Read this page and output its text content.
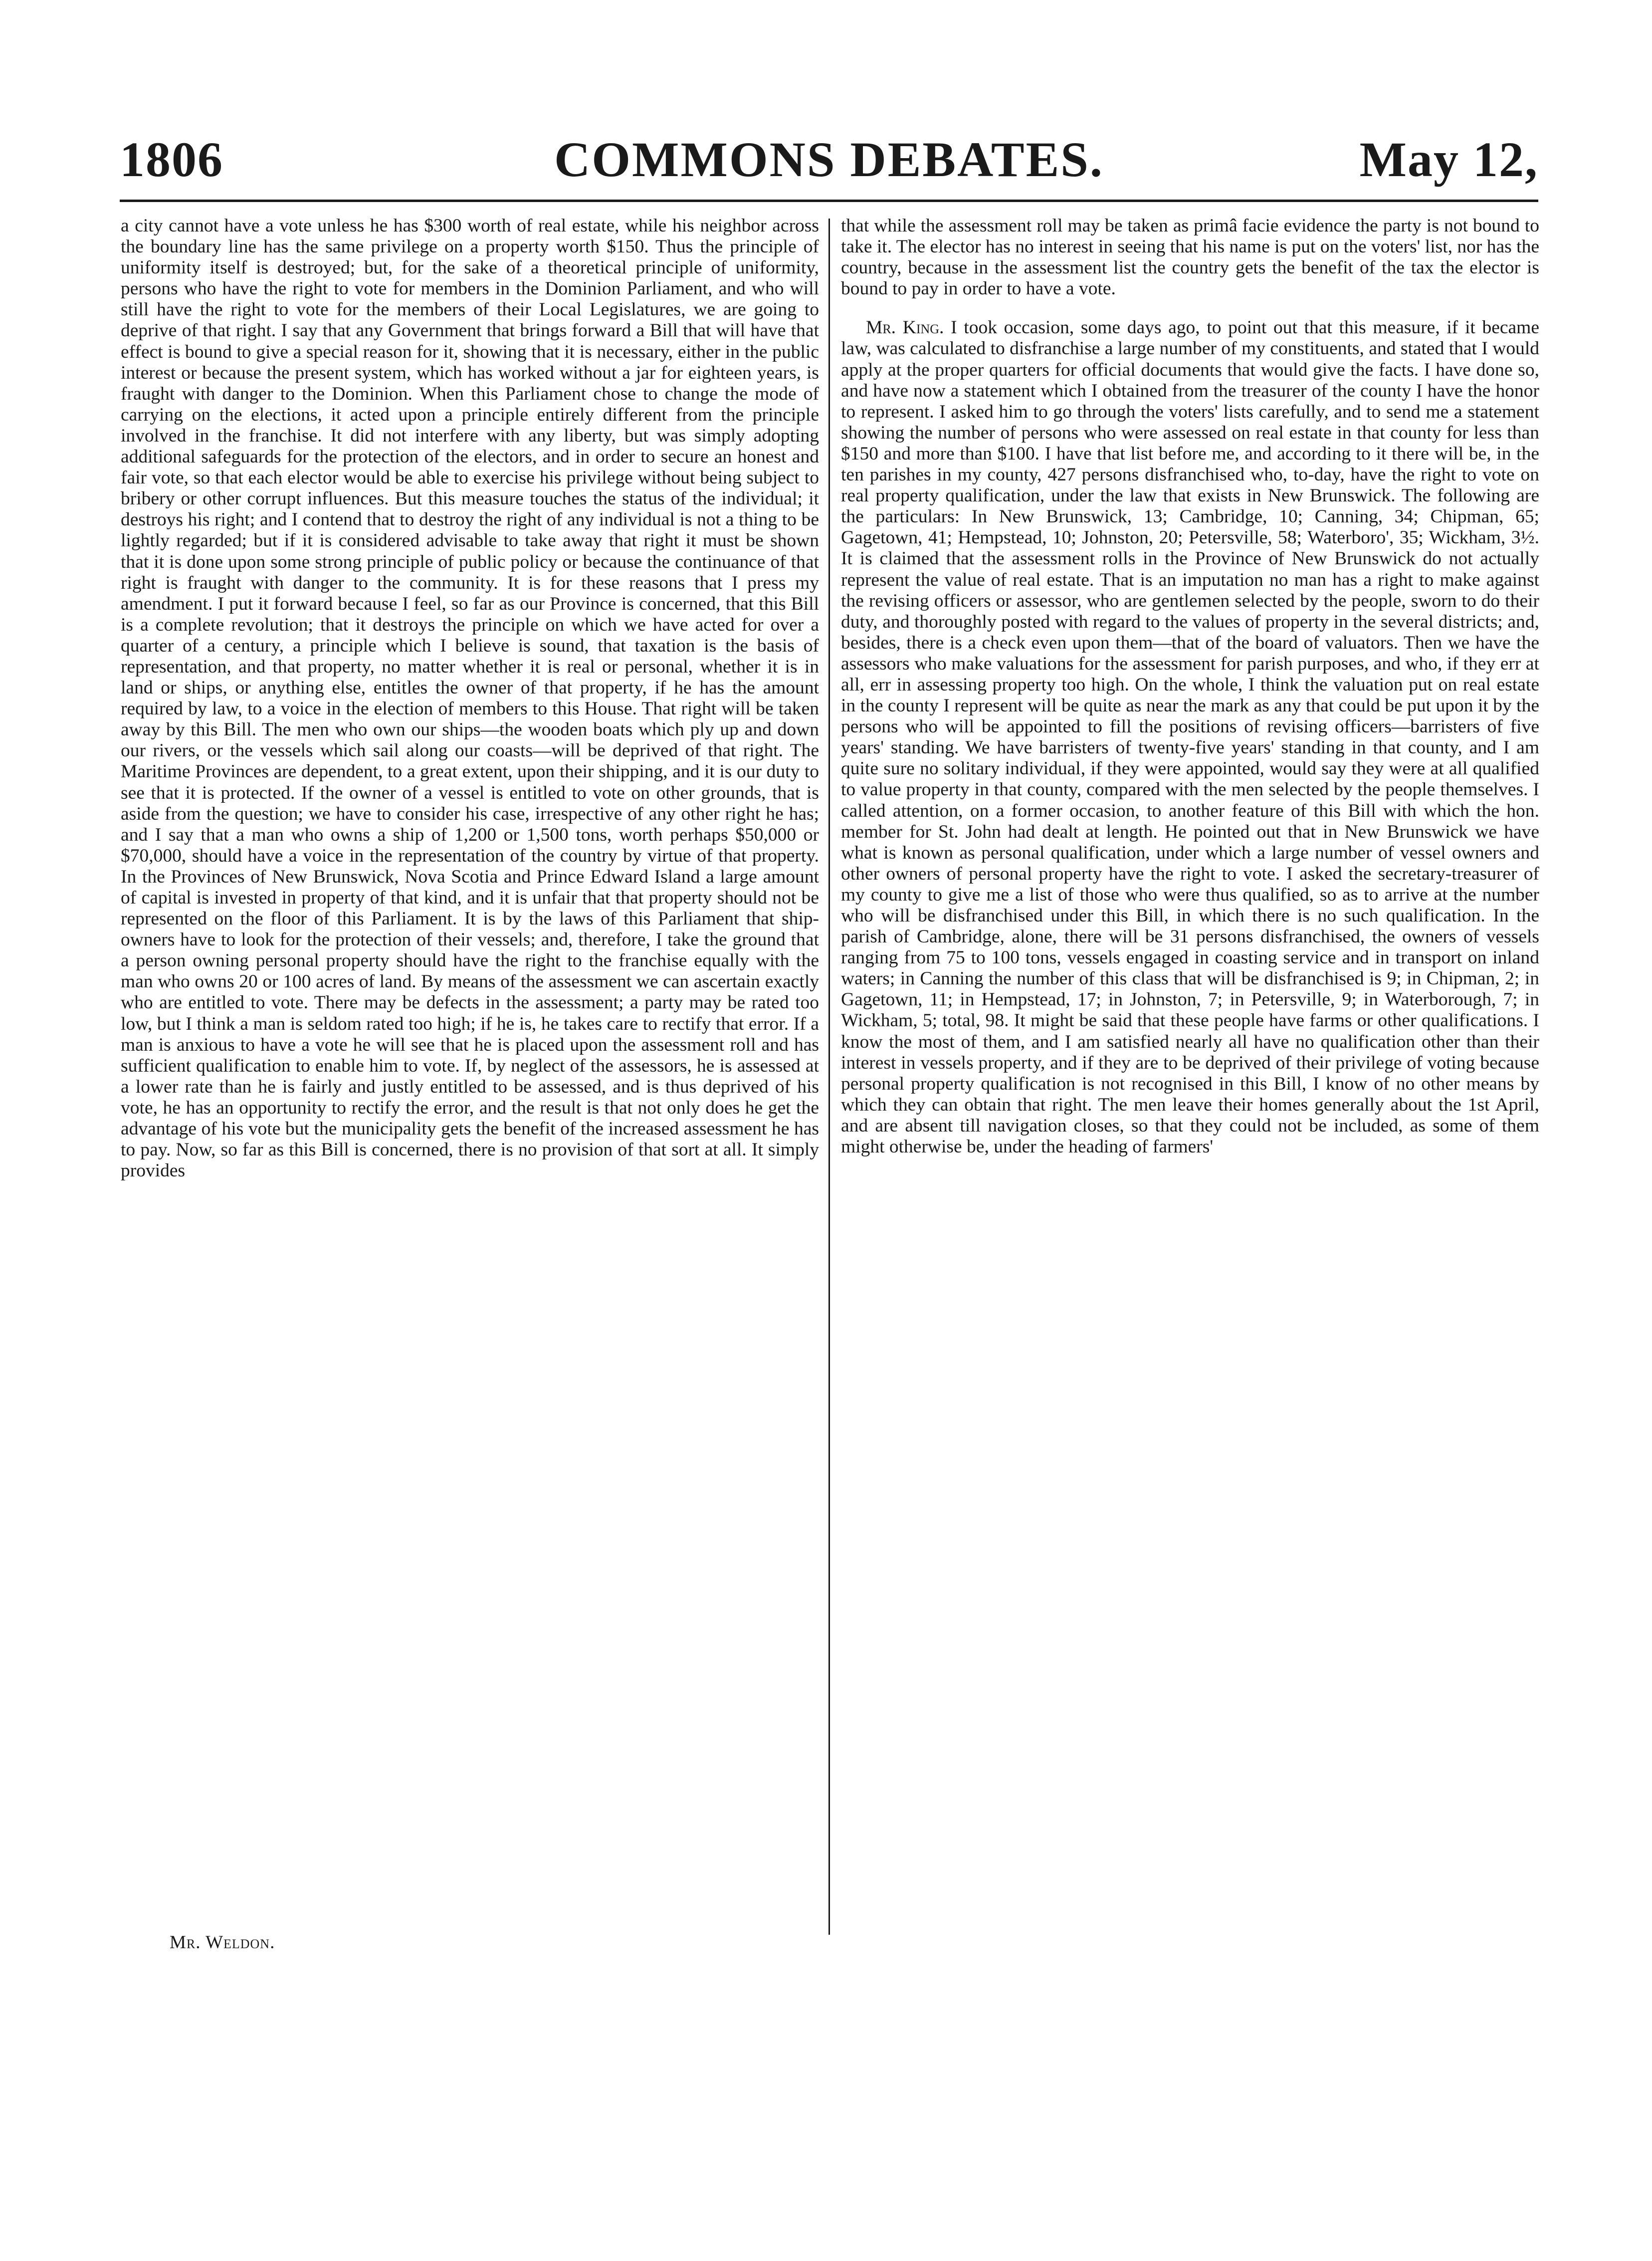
1806	COMMONS DEBATES.	May 12,

a city cannot have a vote unless he has $300 worth of real estate, while his neighbor across the boundary line has the same privilege on a property worth $150. Thus the principle of uniformity itself is destroyed; but, for the sake of a theoretical principle of uniformity, persons who have the right to vote for members in the Dominion Parliament, and who will still have the right to vote for the members of their Local Legislatures, we are going to deprive of that right. I say that any Government that brings forward a Bill that will have that effect is bound to give a special reason for it, showing that it is necessary, either in the public interest or because the present system, which has worked without a jar for eighteen years, is fraught with danger to the Dominion. When this Parliament chose to change the mode of carrying on the elections, it acted upon a principle entirely different from the principle involved in the franchise. It did not interfere with any liberty, but was simply adopting additional safeguards for the protection of the electors, and in order to secure an honest and fair vote, so that each elector would be able to exercise his privilege without being subject to bribery or other corrupt influences. But this measure touches the status of the individual; it destroys his right; and I contend that to destroy the right of any individual is not a thing to be lightly regarded; but if it is considered advisable to take away that right it must be shown that it is done upon some strong principle of public policy or because the continuance of that right is fraught with danger to the community. It is for these reasons that I press my amendment. I put it forward because I feel, so far as our Province is concerned, that this Bill is a complete revolution; that it destroys the principle on which we have acted for over a quarter of a century, a principle which I believe is sound, that taxation is the basis of representation, and that property, no matter whether it is real or personal, whether it is in land or ships, or anything else, entitles the owner of that property, if he has the amount required by law, to a voice in the election of members to this House. That right will be taken away by this Bill. The men who own our ships—the wooden boats which ply up and down our rivers, or the vessels which sail along our coasts—will be deprived of that right. The Maritime Provinces are dependent, to a great extent, upon their shipping, and it is our duty to see that it is protected. If the owner of a vessel is entitled to vote on other grounds, that is aside from the question; we have to consider his case, irrespective of any other right he has; and I say that a man who owns a ship of 1,200 or 1,500 tons, worth perhaps $50,000 or $70,000, should have a voice in the representation of the country by virtue of that property. In the Provinces of New Brunswick, Nova Scotia and Prince Edward Island a large amount of capital is invested in property of that kind, and it is unfair that that property should not be represented on the floor of this Parliament. It is by the laws of this Parliament that ship-owners have to look for the protection of their vessels; and, therefore, I take the ground that a person owning personal property should have the right to the franchise equally with the man who owns 20 or 100 acres of land. By means of the assessment we can ascertain exactly who are entitled to vote. There may be defects in the assessment; a party may be rated too low, but I think a man is seldom rated too high; if he is, he takes care to rectify that error. If a man is anxious to have a vote he will see that he is placed upon the assessment roll and has sufficient qualification to enable him to vote. If, by neglect of the assessors, he is assessed at a lower rate than he is fairly and justly entitled to be assessed, and is thus deprived of his vote, he has an opportunity to rectify the error, and the result is that not only does he get the advantage of his vote but the municipality gets the benefit of the increased assessment he has to pay. Now, so far as this Bill is concerned, there is no provision of that sort at all. It simply provides

that while the assessment roll may be taken as primâ facie evidence the party is not bound to take it. The elector has no interest in seeing that his name is put on the voters' list, nor has the country, because in the assessment list the country gets the benefit of the tax the elector is bound to pay in order to have a vote.

Mr. King. I took occasion, some days ago, to point out that this measure, if it became law, was calculated to disfranchise a large number of my constituents, and stated that I would apply at the proper quarters for official documents that would give the facts. I have done so, and have now a statement which I obtained from the treasurer of the county I have the honor to represent. I asked him to go through the voters' lists carefully, and to send me a statement showing the number of persons who were assessed on real estate in that county for less than $150 and more than $100. I have that list before me, and according to it there will be, in the ten parishes in my county, 427 persons disfranchised who, to-day, have the right to vote on real property qualification, under the law that exists in New Brunswick. The following are the particulars: In New Brunswick, 13; Cambridge, 10; Canning, 34; Chipman, 65; Gagetown, 41; Hempstead, 10; Johnston, 20; Petersville, 58; Waterboro', 35; Wickham, 3½. It is claimed that the assessment rolls in the Province of New Brunswick do not actually represent the value of real estate. That is an imputation no man has a right to make against the revising officers or assessor, who are gentlemen selected by the people, sworn to do their duty, and thoroughly posted with regard to the values of property in the several districts; and, besides, there is a check even upon them—that of the board of valuators. Then we have the assessors who make valuations for the assessment for parish purposes, and who, if they err at all, err in assessing property too high. On the whole, I think the valuation put on real estate in the county I represent will be quite as near the mark as any that could be put upon it by the persons who will be appointed to fill the positions of revising officers—barristers of five years' standing. We have barristers of twenty-five years' standing in that county, and I am quite sure no solitary individual, if they were appointed, would say they were at all qualified to value property in that county, compared with the men selected by the people themselves. I called attention, on a former occasion, to another feature of this Bill with which the hon. member for St. John had dealt at length. He pointed out that in New Brunswick we have what is known as personal qualification, under which a large number of vessel owners and other owners of personal property have the right to vote. I asked the secretary-treasurer of my county to give me a list of those who were thus qualified, so as to arrive at the number who will be disfranchised under this Bill, in which there is no such qualification. In the parish of Cambridge, alone, there will be 31 persons disfranchised, the owners of vessels ranging from 75 to 100 tons, vessels engaged in coasting service and in transport on inland waters; in Canning the number of this class that will be disfranchised is 9; in Chipman, 2; in Gagetown, 11; in Hempstead, 17; in Johnston, 7; in Petersville, 9; in Waterborough, 7; in Wickham, 5; total, 98. It might be said that these people have farms or other qualifications. I know the most of them, and I am satisfied nearly all have no qualification other than their interest in vessels property, and if they are to be deprived of their privilege of voting because personal property qualification is not recognised in this Bill, I know of no other means by which they can obtain that right. The men leave their homes generally about the 1st April, and are absent till navigation closes, so that they could not be included, as some of them might otherwise be, under the heading of farmers'

Mr. Weldon.
